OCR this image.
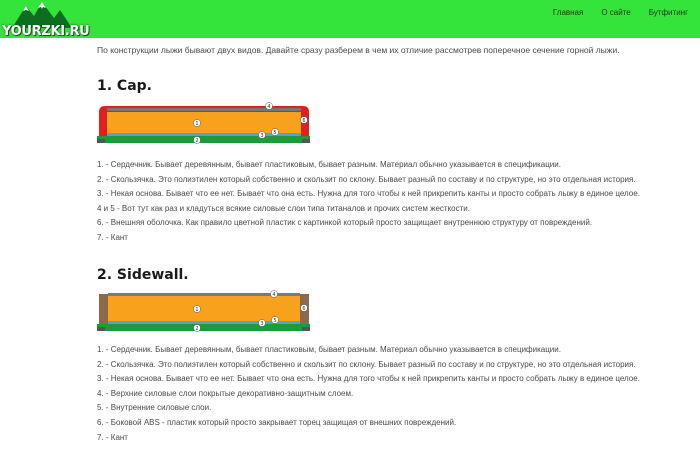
YOURZKI.RU
Главная О сайте Бутфитинг

По конструкции лыжи бывают двух видов. Давайте сразу разберем в чем их отличие рассмотрев поперечное сечение горной лыжи.

1. Cap.
1
2
3
4
5
6
1. - Сердечник. Бывает деревянным, бывает пластиковым, бывает разным. Материал обычно указывается в спецификации.
2. - Скользячка. Это полиэтилен который собственно и скользит по склону. Бывает разный по составу и по структуре, но это отдельная история.
3. - Некая основа. Бывает что ее нет. Бывает что она есть. Нужна для того чтобы к ней прикрепить канты и просто собрать лыжу в единое целое.
4 и 5 - Вот тут как раз и кладуться всякие силовые слои типа титаналов и прочих систем жесткости.
6. - Внешняя оболочка. Как правило цветной пластик с картинкой который просто защищает внутреннюю структуру от повреждений.
7. - Кант
2. Sidewall.
1
2
3
4
5
6
1. - Сердечник. Бывает деревянным, бывает пластиковым, бывает разным. Материал обычно указывается в спецификации.
2. - Скользячка. Это полиэтилен который собственно и скользит по склону. Бывает разный по составу и по структуре, но это отдельная история.
3. - Некая основа. Бывает что ее нет. Бывает что она есть. Нужна для того чтобы к ней прикрепить канты и просто собрать лыжу в единое целое.
4. - Верхние силовые слои покрытые декоративно-защитным слоем.
5. - Внутренние силовые слои.
6. - Боковой ABS - пластик который просто закрывает торец защищая от внешних повреждений.
7. - Кант
